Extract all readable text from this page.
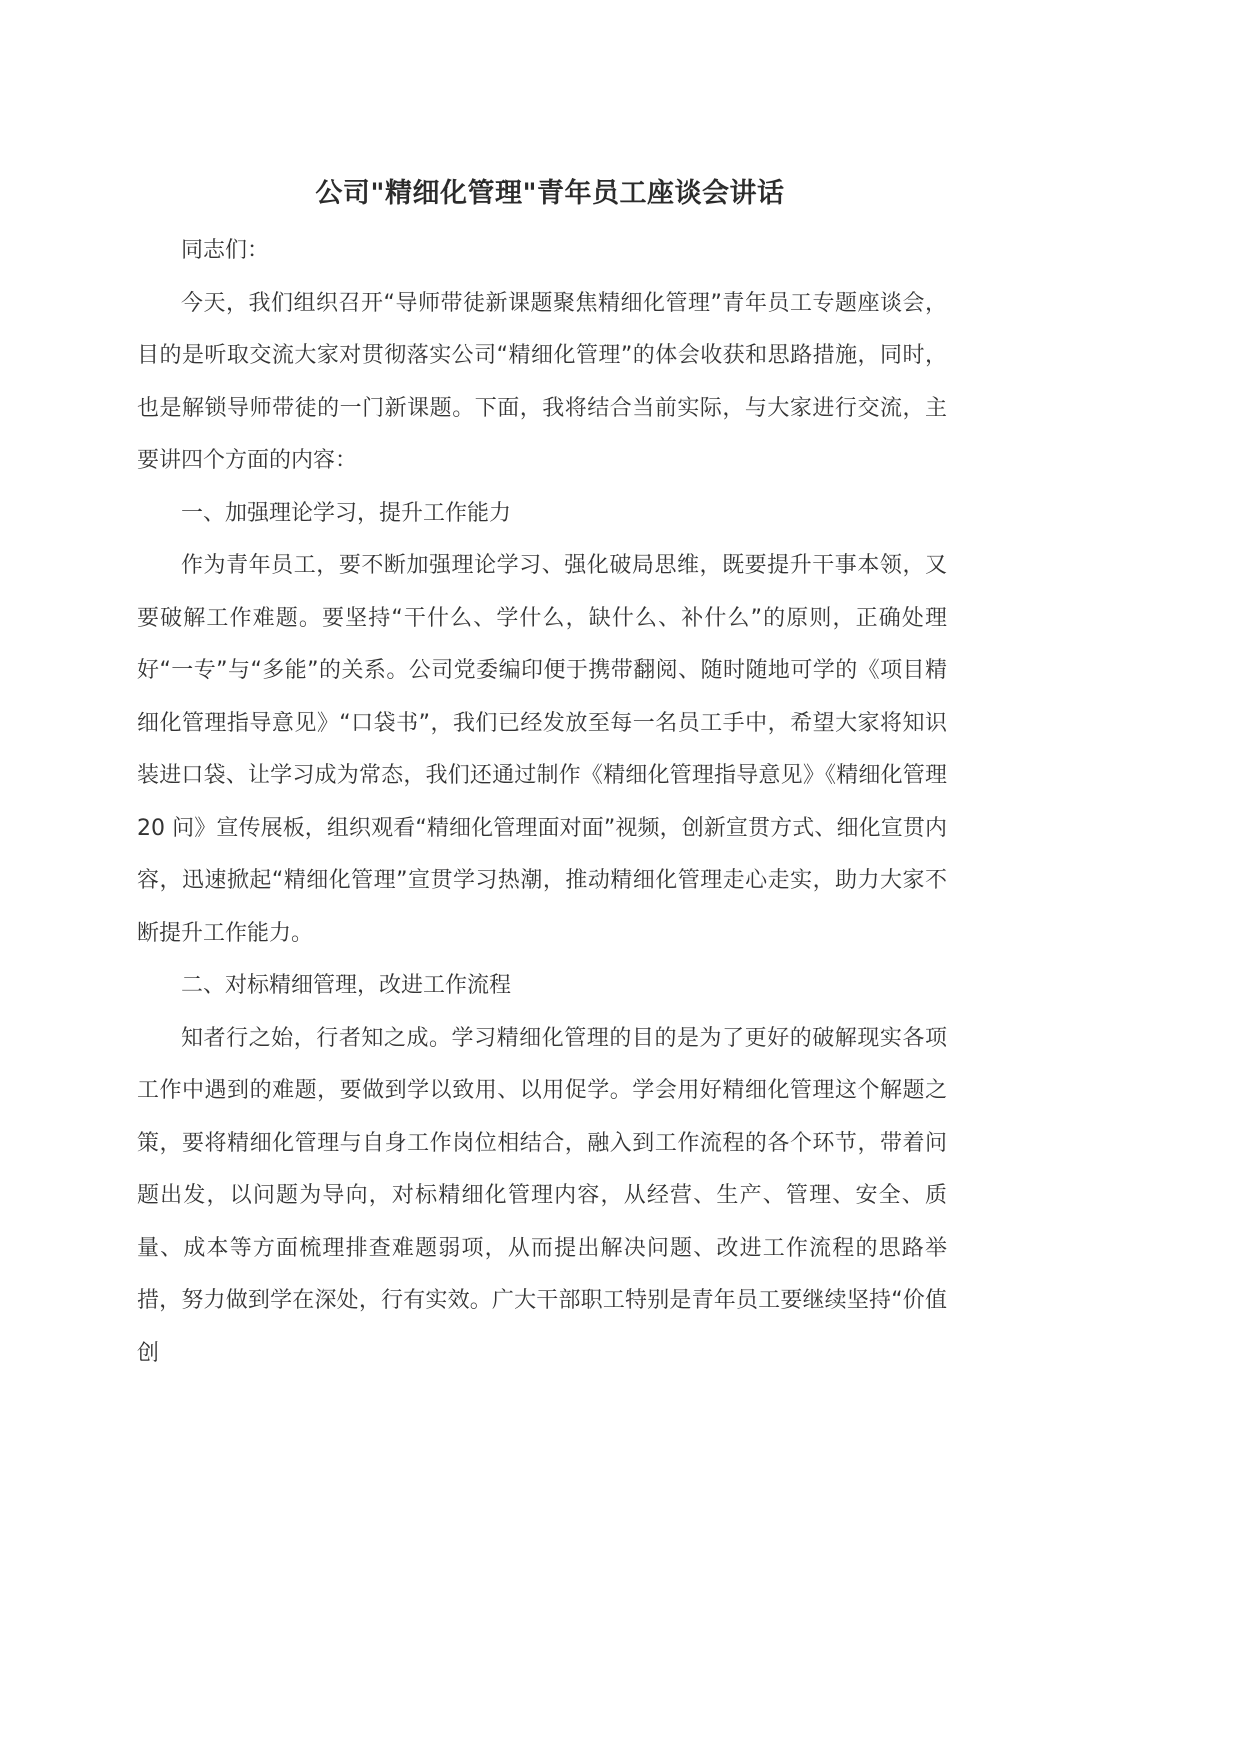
公司"精细化管理"青年员工座谈会讲话

同志们：

今天，我们组织召开“导师带徒新课题聚焦精细化管理”青年员工专题座谈会，目的是听取交流大家对贯彻落实公司“精细化管理”的体会收获和思路措施，同时，也是解锁导师带徒的一门新课题。下面，我将结合当前实际，与大家进行交流，主要讲四个方面的内容：

一、加强理论学习，提升工作能力

作为青年员工，要不断加强理论学习、强化破局思维，既要提升干事本领，又要破解工作难题。要坚持“干什么、学什么，缺什么、补什么”的原则，正确处理好“一专”与“多能”的关系。公司党委编印便于携带翻阅、随时随地可学的《项目精细化管理指导意见》“口袋书”，我们已经发放至每一名员工手中，希望大家将知识装进口袋、让学习成为常态，我们还通过制作《精细化管理指导意见》《精细化管理 20 问》宣传展板，组织观看“精细化管理面对面”视频，创新宣贯方式、细化宣贯内容，迅速掀起“精细化管理”宣贯学习热潮，推动精细化管理走心走实，助力大家不断提升工作能力。

二、对标精细管理，改进工作流程

知者行之始，行者知之成。学习精细化管理的目的是为了更好的破解现实各项工作中遇到的难题，要做到学以致用、以用促学。学会用好精细化管理这个解题之策，要将精细化管理与自身工作岗位相结合，融入到工作流程的各个环节，带着问题出发，以问题为导向，对标精细化管理内容，从经营、生产、管理、安全、质量、成本等方面梳理排查难题弱项，从而提出解决问题、改进工作流程的思路举措，努力做到学在深处，行有实效。广大干部职工特别是青年员工要继续坚持“价值创
